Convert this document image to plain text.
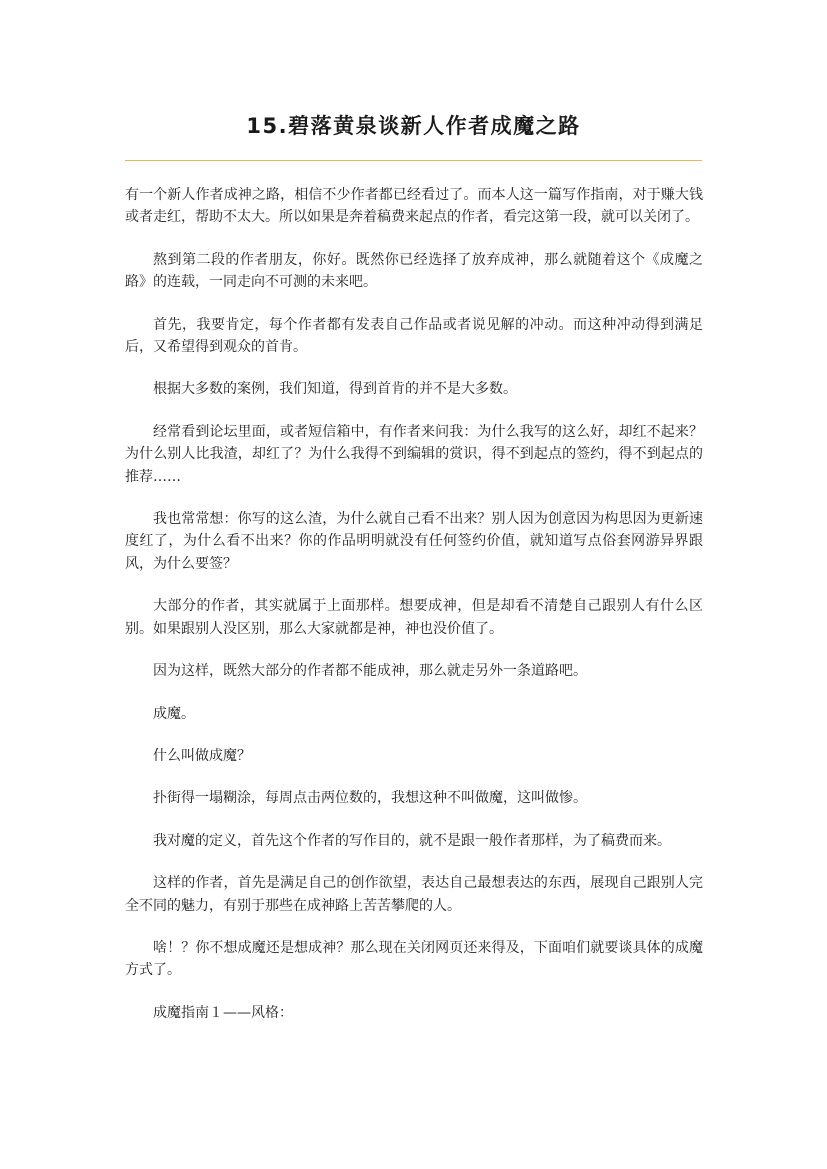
15.碧落黄泉谈新人作者成魔之路

有一个新人作者成神之路，相信不少作者都已经看过了。而本人这一篇写作指南，对于赚大钱或者走红，帮助不太大。所以如果是奔着稿费来起点的作者，看完这第一段，就可以关闭了。

熬到第二段的作者朋友，你好。既然你已经选择了放弃成神，那么就随着这个《成魔之路》的连载，一同走向不可测的未来吧。

首先，我要肯定，每个作者都有发表自己作品或者说见解的冲动。而这种冲动得到满足后，又希望得到观众的首肯。

根据大多数的案例，我们知道，得到首肯的并不是大多数。

经常看到论坛里面，或者短信箱中，有作者来问我：为什么我写的这么好，却红不起来？为什么别人比我渣，却红了？为什么我得不到编辑的赏识，得不到起点的签约，得不到起点的推荐……

我也常常想：你写的这么渣，为什么就自己看不出来？别人因为创意因为构思因为更新速度红了，为什么看不出来？你的作品明明就没有任何签约价值，就知道写点俗套网游异界跟风，为什么要签？

大部分的作者，其实就属于上面那样。想要成神，但是却看不清楚自己跟别人有什么区别。如果跟别人没区别，那么大家就都是神，神也没价值了。

因为这样，既然大部分的作者都不能成神，那么就走另外一条道路吧。

成魔。

什么叫做成魔？

扑街得一塌糊涂，每周点击两位数的，我想这种不叫做魔，这叫做惨。

我对魔的定义，首先这个作者的写作目的，就不是跟一般作者那样，为了稿费而来。

这样的作者，首先是满足自己的创作欲望，表达自己最想表达的东西，展现自己跟别人完全不同的魅力，有别于那些在成神路上苦苦攀爬的人。

啥！？你不想成魔还是想成神？那么现在关闭网页还来得及，下面咱们就要谈具体的成魔方式了。

成魔指南１——风格：
